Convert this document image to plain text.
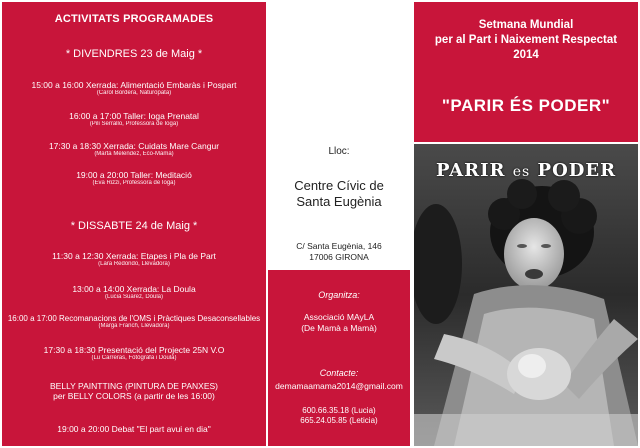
ACTIVITATS PROGRAMADES
* DIVENDRES 23 de Maig *
15:00 a 16:00 Xerrada: Alimentació Embaràs i Pospart
(Carol Bordera, Naturòpata)
16:00 a 17:00 Taller: Ioga Prenatal
(Pili Serrallo, Professora de Ioga)
17:30 a 18:30 Xerrada: Cuidats Mare Cangur
(Marta Melendez, Eco-Mama)
19:00 a 20:00 Taller: Meditació
(Eva Rizzi, Professora de Ioga)
* DISSABTE 24 de Maig *
11:30 a 12:30 Xerrada: Etapes i Pla de Part
(Lara Redondo, Llevadora)
13:00 a 14:00 Xerrada: La Doula
(Lucia Suarez, Doula)
16:00 a 17:00 Recomanacions de l'OMS i Pràctiques Desaconsellables
(Marga Franch, Llevadora)
17:30 a 18:30 Presentació del Projecte 25N V.O
(Lu Carreras, Fotògrafa i Doula)
BELLY PAINTTING (PINTURA DE PANXES)
per BELLY COLORS (a partir de les 16:00)
19:00 a 20:00 Debat "El part avui en dia"
Lloc:
Centre Cívic de
Santa Eugènia
C/ Santa Eugènia, 146
17006 GIRONA
Organitza:
Associació MAyLA
(De Mamà a Mamà)
Contacte:
demamaamama2014@gmail.com
600.66.35.18 (Lucia)
665.24.05.85 (Leticia)
Setmana Mundial
per al Part i Naixement Respectat
2014
"PARIR ÉS PODER"
PARIR es PODER
